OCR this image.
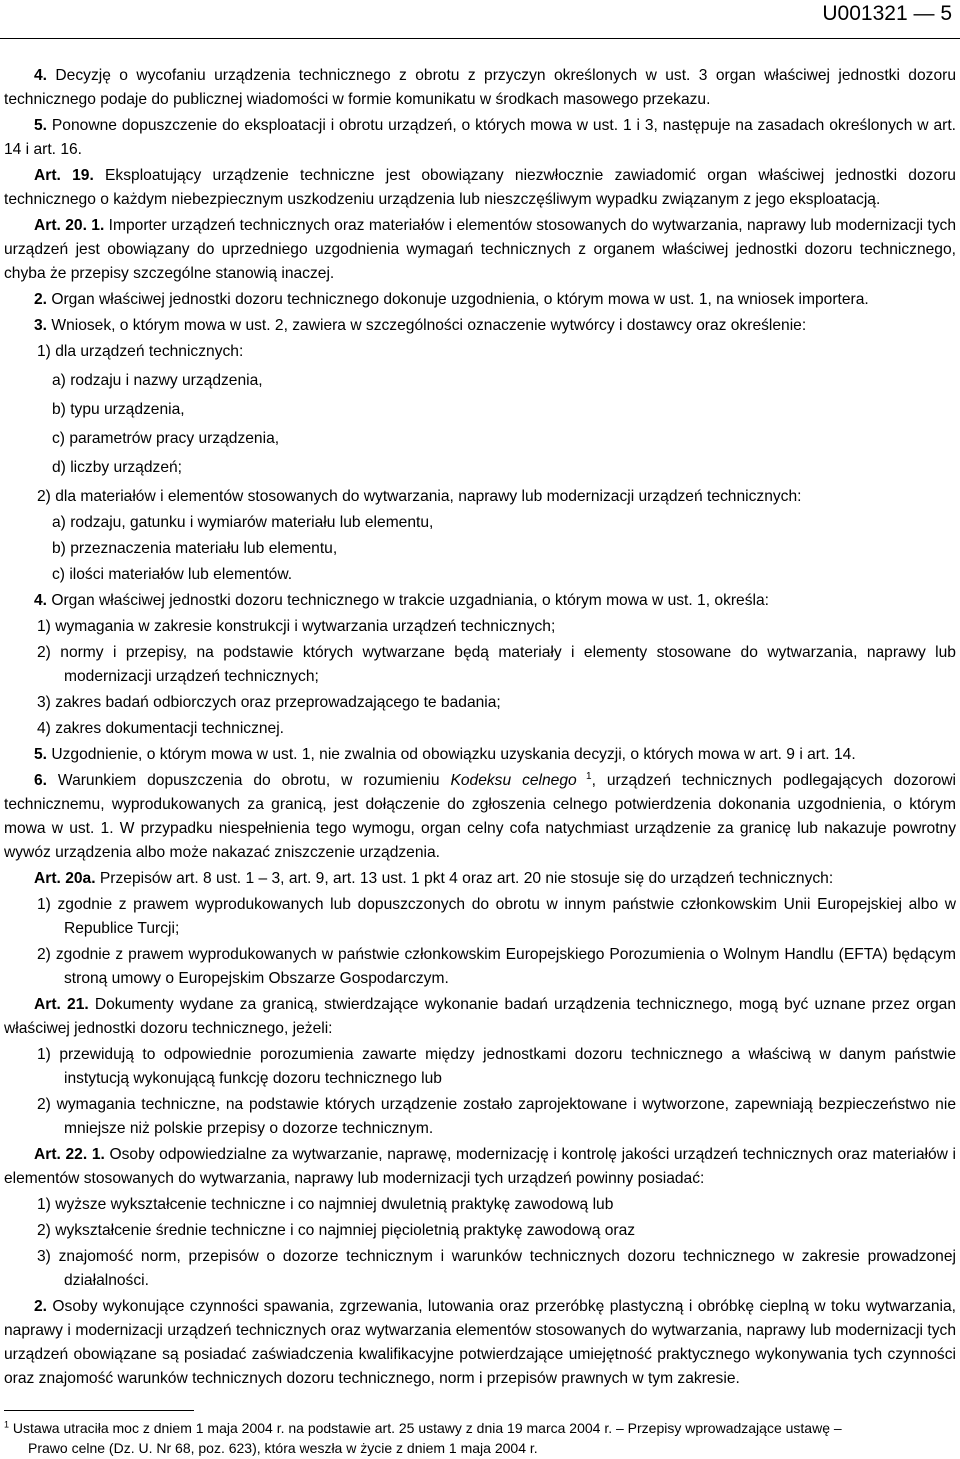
U001321 — 5

4. Decyzję o wycofaniu urządzenia technicznego z obrotu z przyczyn określonych w ust. 3 organ właściwej jednostki dozoru technicznego podaje do publicznej wiadomości w formie komunikatu w środkach masowego przekazu.

5. Ponowne dopuszczenie do eksploatacji i obrotu urządzeń, o których mowa w ust. 1 i 3, następuje na zasadach określonych w art. 14 i art. 16.

Art. 19. Eksploatujący urządzenie techniczne jest obowiązany niezwłocznie zawiadomić organ właściwej jednostki dozoru technicznego o każdym niebezpiecznym uszkodzeniu urządzenia lub nieszczęśliwym wypadku związanym z jego eksploatacją.

Art. 20. 1. Importer urządzeń technicznych oraz materiałów i elementów stosowanych do wytwarzania, naprawy lub modernizacji tych urządzeń jest obowiązany do uprzedniego uzgodnienia wymagań technicznych z organem właściwej jednostki dozoru technicznego, chyba że przepisy szczególne stanowią inaczej.

2. Organ właściwej jednostki dozoru technicznego dokonuje uzgodnienia, o którym mowa w ust. 1, na wniosek importera.

3. Wniosek, o którym mowa w ust. 2, zawiera w szczególności oznaczenie wytwórcy i dostawcy oraz określenie:

1) dla urządzeń technicznych:

a) rodzaju i nazwy urządzenia,

b) typu urządzenia,

c) parametrów pracy urządzenia,

d) liczby urządzeń;

2) dla materiałów i elementów stosowanych do wytwarzania, naprawy lub modernizacji urządzeń technicznych:

a) rodzaju, gatunku i wymiarów materiału lub elementu,

b) przeznaczenia materiału lub elementu,

c) ilości materiałów lub elementów.

4. Organ właściwej jednostki dozoru technicznego w trakcie uzgadniania, o którym mowa w ust. 1, określa:

1) wymagania w zakresie konstrukcji i wytwarzania urządzeń technicznych;

2) normy i przepisy, na podstawie których wytwarzane będą materiały i elementy stosowane do wytwarzania, naprawy lub modernizacji urządzeń technicznych;

3) zakres badań odbiorczych oraz przeprowadzającego te badania;

4) zakres dokumentacji technicznej.

5. Uzgodnienie, o którym mowa w ust. 1, nie zwalnia od obowiązku uzyskania decyzji, o których mowa w art. 9 i art. 14.

6. Warunkiem dopuszczenia do obrotu, w rozumieniu Kodeksu celnego $^1$, urządzeń technicznych podlegających dozorowi technicznemu, wyprodukowanych za granicą, jest dołączenie do zgłoszenia celnego potwierdzenia dokonania uzgodnienia, o którym mowa w ust. 1. W przypadku niespełnienia tego wymogu, organ celny cofa natychmiast urządzenie za granicę lub nakazuje powrotny wywóz urządzenia albo może nakazać zniszczenie urządzenia.

Art. 20a. Przepisów art. 8 ust. 1 – 3, art. 9, art. 13 ust. 1 pkt 4 oraz art. 20 nie stosuje się do urządzeń technicznych:

1) zgodnie z prawem wyprodukowanych lub dopuszczonych do obrotu w innym państwie członkowskim Unii Europejskiej albo w Republice Turcji;

2) zgodnie z prawem wyprodukowanych w państwie członkowskim Europejskiego Porozumienia o Wolnym Handlu (EFTA) będącym stroną umowy o Europejskim Obszarze Gospodarczym.

Art. 21. Dokumenty wydane za granicą, stwierdzające wykonanie badań urządzenia technicznego, mogą być uznane przez organ właściwej jednostki dozoru technicznego, jeżeli:

1) przewidują to odpowiednie porozumienia zawarte między jednostkami dozoru technicznego a właściwą w danym państwie instytucją wykonującą funkcję dozoru technicznego lub

2) wymagania techniczne, na podstawie których urządzenie zostało zaprojektowane i wytworzone, zapewniają bezpieczeństwo nie mniejsze niż polskie przepisy o dozorze technicznym.

Art. 22. 1. Osoby odpowiedzialne za wytwarzanie, naprawę, modernizację i kontrolę jakości urządzeń technicznych oraz materiałów i elementów stosowanych do wytwarzania, naprawy lub modernizacji tych urządzeń powinny posiadać:

1) wyższe wykształcenie techniczne i co najmniej dwuletnią praktykę zawodową lub

2) wykształcenie średnie techniczne i co najmniej pięcioletnią praktykę zawodową oraz

3) znajomość norm, przepisów o dozorze technicznym i warunków technicznych dozoru technicznego w zakresie prowadzonej działalności.

2. Osoby wykonujące czynności spawania, zgrzewania, lutowania oraz przeróbkę plastyczną i obróbkę cieplną w toku wytwarzania, naprawy i modernizacji urządzeń technicznych oraz wytwarzania elementów stosowanych do wytwarzania, naprawy lub modernizacji tych urządzeń obowiązane są posiadać zaświadczenia kwalifikacyjne potwierdzające umiejętność praktycznego wykonywania tych czynności oraz znajomość warunków technicznych dozoru technicznego, norm i przepisów prawnych w tym zakresie.

$^1$ Ustawa utraciła moc z dniem 1 maja 2004 r. na podstawie art. 25 ustawy z dnia 19 marca 2004 r. – Przepisy wprowadzające ustawę –
Prawo celne (Dz. U. Nr 68, poz. 623), która weszła w życie z dniem 1 maja 2004 r.
